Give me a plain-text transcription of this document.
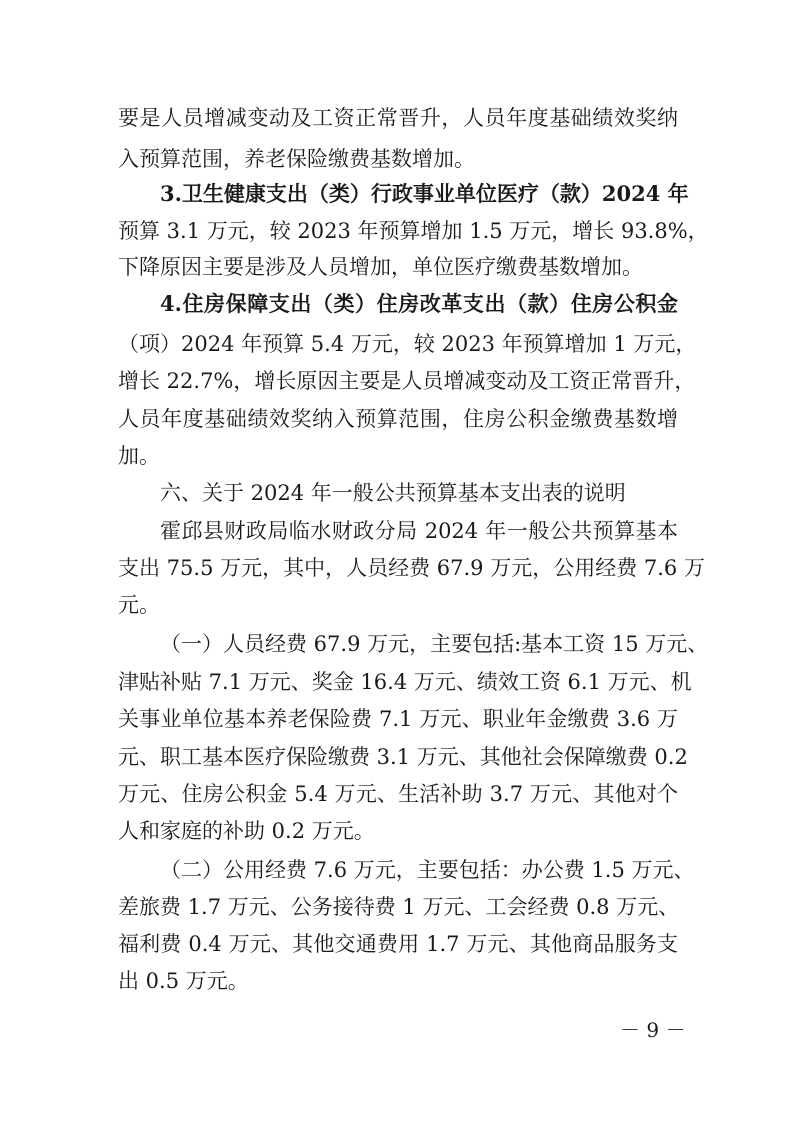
要是人员增减变动及工资正常晋升，人员年度基础绩效奖纳
入预算范围，养老保险缴费基数增加。
3.卫生健康支出（类）行政事业单位医疗（款）2024 年
预算 3.1 万元，较 2023 年预算增加 1.5 万元，增长 93.8%，
下降原因主要是涉及人员增加，单位医疗缴费基数增加。
4.住房保障支出（类）住房改革支出（款）住房公积金
（项）2024 年预算 5.4 万元，较 2023 年预算增加 1 万元，
增长 22.7%，增长原因主要是人员增减变动及工资正常晋升，
人员年度基础绩效奖纳入预算范围，住房公积金缴费基数增
加。
六、关于 2024 年一般公共预算基本支出表的说明
霍邱县财政局临水财政分局 2024 年一般公共预算基本
支出 75.5 万元，其中，人员经费 67.9 万元，公用经费 7.6 万
元。
（一）人员经费 67.9 万元，主要包括:基本工资 15 万元、
津贴补贴 7.1 万元、奖金 16.4 万元、绩效工资 6.1 万元、机
关事业单位基本养老保险费 7.1 万元、职业年金缴费 3.6 万
元、职工基本医疗保险缴费 3.1 万元、其他社会保障缴费 0.2
万元、住房公积金 5.4 万元、生活补助 3.7 万元、其他对个
人和家庭的补助 0.2 万元。
（二）公用经费 7.6 万元，主要包括：办公费 1.5 万元、
差旅费 1.7 万元、公务接待费 1 万元、工会经费 0.8 万元、
福利费 0.4 万元、其他交通费用 1.7 万元、其他商品服务支
出 0.5 万元。
－ 9 －
